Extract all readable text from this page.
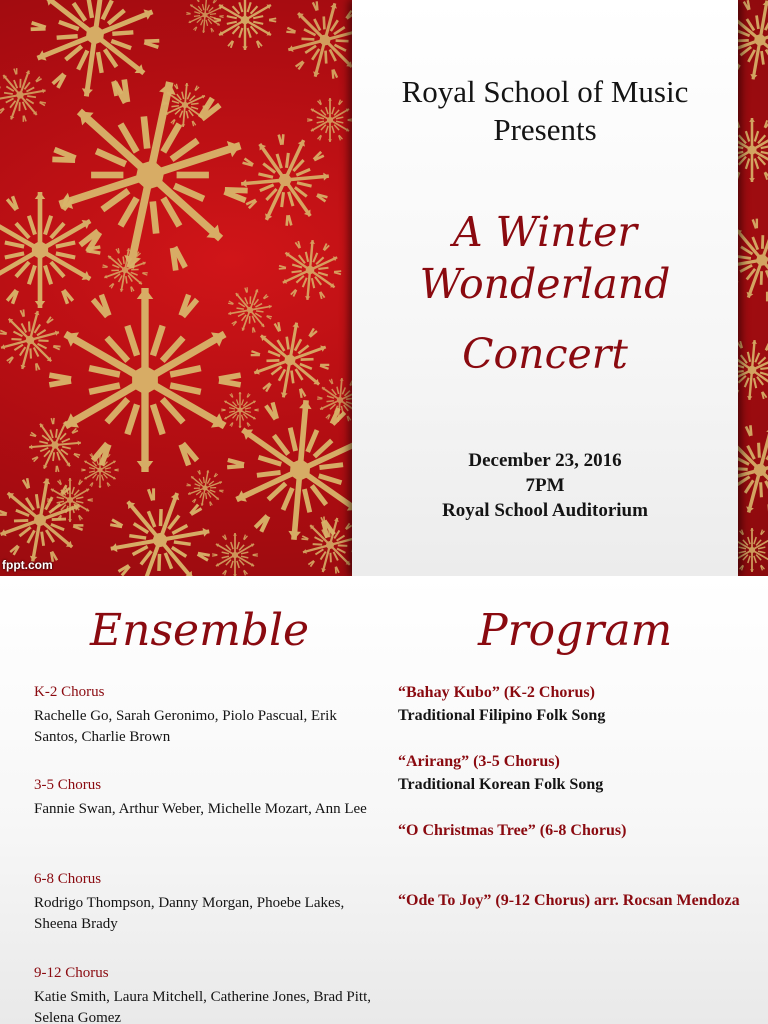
fppt.com
Royal School of Music
Presents
A Winter
Wonderland
Concert
December 23, 2016
7PM
Royal School Auditorium
Ensemble	Program
K-2 Chorus
Rachelle Go, Sarah Geronimo, Piolo Pascual, Erik Santos, Charlie Brown
3-5 Chorus
Fannie Swan, Arthur Weber, Michelle Mozart, Ann Lee
6-8 Chorus
Rodrigo Thompson, Danny Morgan, Phoebe Lakes, Sheena Brady
9-12 Chorus
Katie Smith, Laura Mitchell, Catherine Jones, Brad Pitt, Selena Gomez
“Bahay Kubo” (K-2 Chorus)
Traditional Filipino Folk Song
“Arirang” (3-5 Chorus)
Traditional Korean Folk Song
“O Christmas Tree” (6-8 Chorus)
“Ode To Joy” (9-12 Chorus) arr. Rocsan Mendoza
